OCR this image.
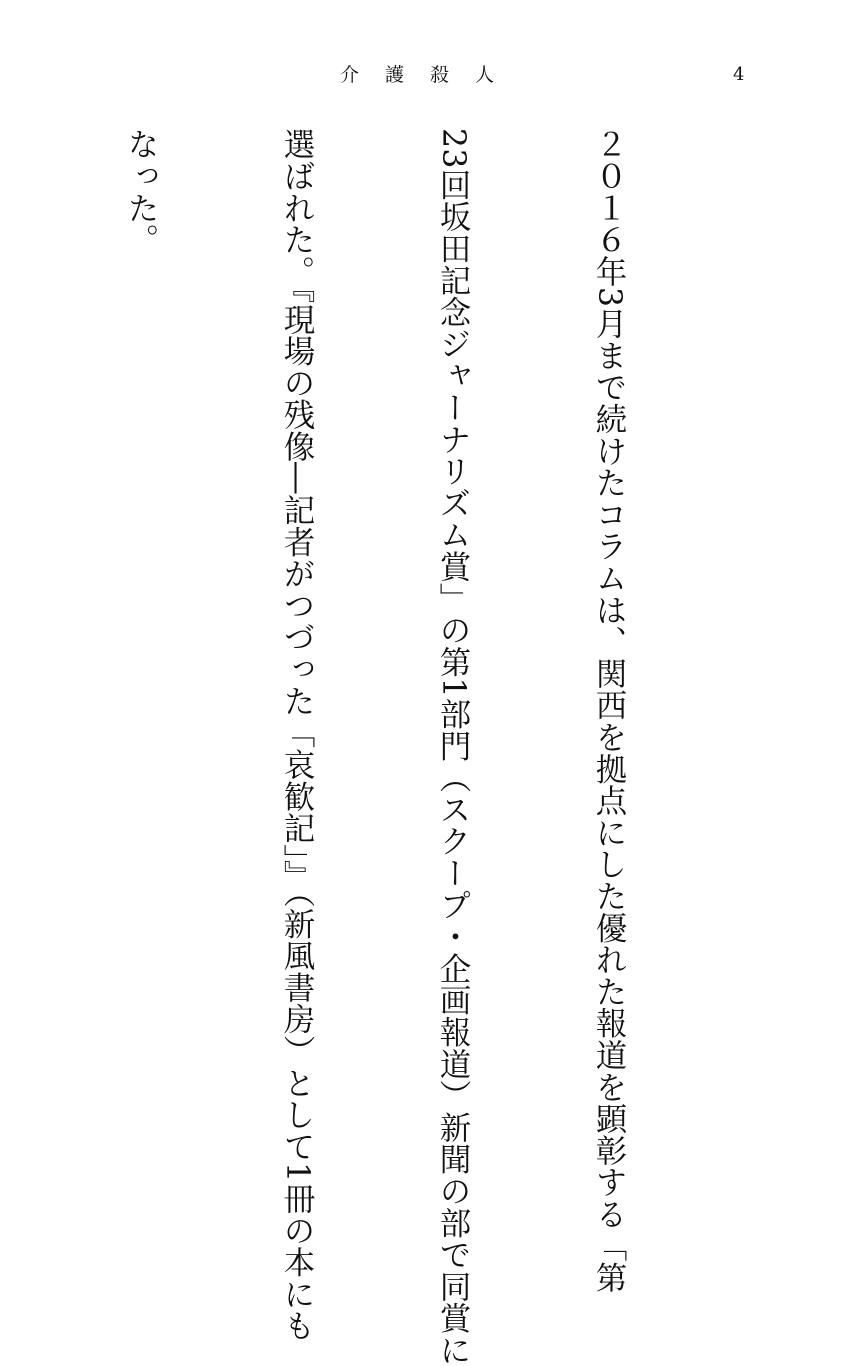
介護殺人	4

２０１６年3月まで続けたコラムは、関西を拠点にした優れた報道を顕彰する「第

23回坂田記念ジャーナリズム賞」の第1部門（スクープ・企画報道）新聞の部で同賞に

選ばれた。『現場の残像―記者がつづった「哀歓記」』（新風書房）として1冊の本にも

なった。
